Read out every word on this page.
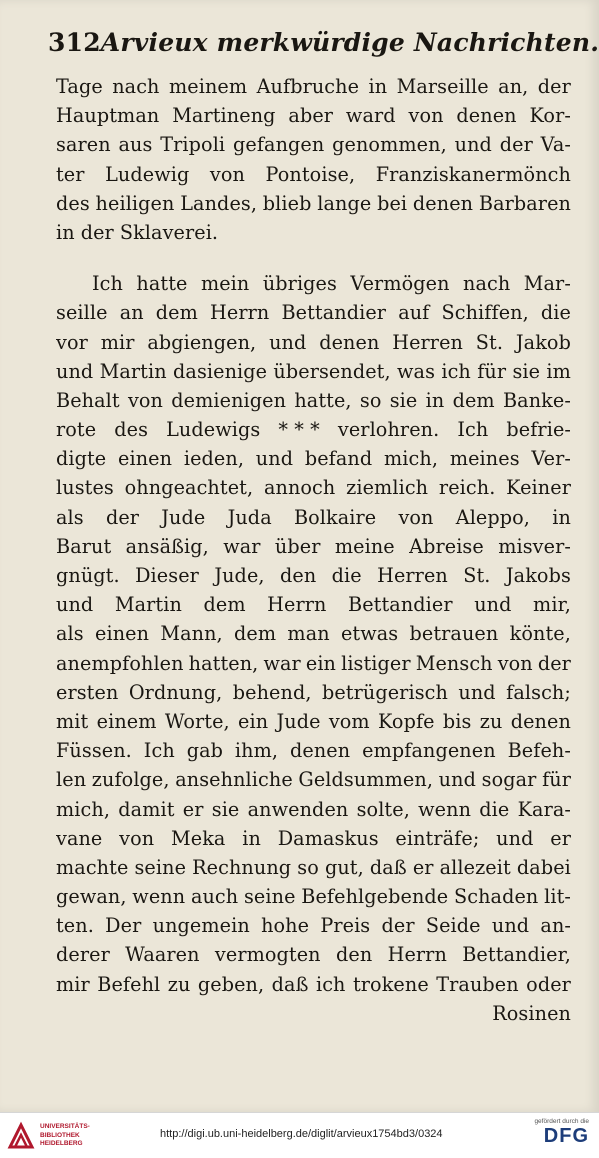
312 Arvieux merkwürdige Nachrichten.
Tage nach meinem Aufbruche in Marseille an, der
Hauptman Martineng aber ward von denen Kor-
saren aus Tripoli gefangen genommen, und der Va-
ter Ludewig von Pontoise, Franziskanermönch
des heiligen Landes, blieb lange bei denen Barbaren
in der Sklaverei.
Ich hatte mein übriges Vermögen nach Mar-
seille an dem Herrn Bettandier auf Schiffen, die
vor mir abgiengen, und denen Herren St. Jakob
und Martin dasienige übersendet, was ich für sie im
Behalt von demienigen hatte, so sie in dem Banke-
rote des Ludewigs * * * verlohren. Ich befrie-
digte einen ieden, und befand mich, meines Ver-
lustes ohngeachtet, annoch ziemlich reich. Keiner
als der Jude Juda Bolkaire von Aleppo, in
Barut ansäßig, war über meine Abreise misver-
gnügt. Dieser Jude, den die Herren St. Jakobs
und Martin dem Herrn Bettandier und mir,
als einen Mann, dem man etwas betrauen könte,
anempfohlen hatten, war ein listiger Mensch von der
ersten Ordnung, behend, betrügerisch und falsch;
mit einem Worte, ein Jude vom Kopfe bis zu denen
Füssen. Ich gab ihm, denen empfangenen Befeh-
len zufolge, ansehnliche Geldsummen, und sogar für
mich, damit er sie anwenden solte, wenn die Kara-
vane von Meka in Damaskus einträfe; und er
machte seine Rechnung so gut, daß er allezeit dabei
gewan, wenn auch seine Befehlgebende Schaden lit-
ten. Der ungemein hohe Preis der Seide und an-
derer Waaren vermogten den Herrn Bettandier,
mir Befehl zu geben, daß ich trokene Trauben oder
Rosinen
UNIVERSITÄTS-
BIBLIOTHEK
HEIDELBERG
http://digi.ub.uni-heidelberg.de/diglit/arvieux1754bd3/0324
gefördert durch die
DFG
